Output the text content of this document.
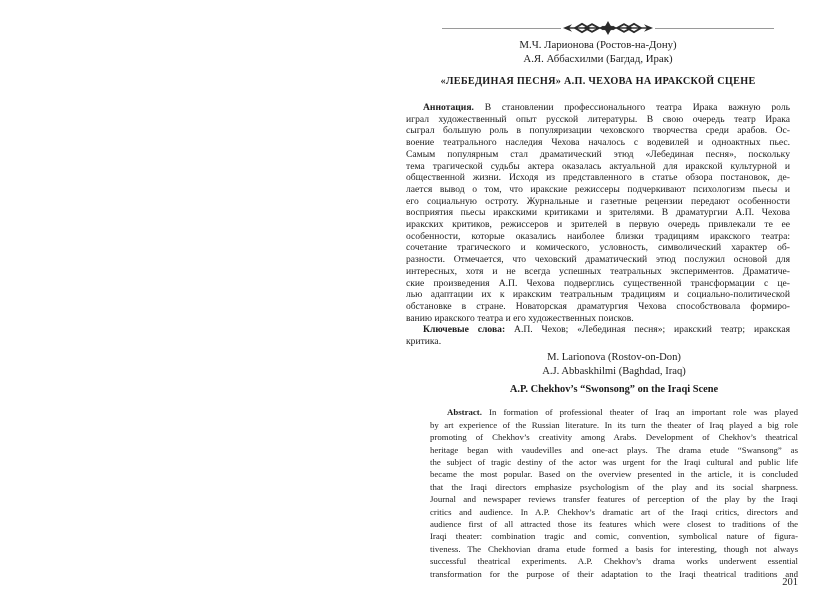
М.Ч. Ларионова (Ростов-на-Дону)
А.Я. Аббасхилми (Багдад, Ирак)
«ЛЕБЕДИНАЯ ПЕСНЯ» А.П. ЧЕХОВА НА ИРАКСКОЙ СЦЕНЕ
Аннотация. В становлении профессионального театра Ирака важную роль
играл художественный опыт русской литературы. В свою очередь театр Ирака
сыграл большую роль в популяризации чеховского творчества среди арабов. Ос-
воение театрального наследия Чехова началось с водевилей и одноактных пьес.
Самым популярным стал драматический этюд «Лебединая песня», поскольку
тема трагической судьбы актера оказалась актуальной для иракской культурной и
общественной жизни. Исходя из представленного в статье обзора постановок, де-
лается вывод о том, что иракские режиссеры подчеркивают психологизм пьесы и
его социальную остроту. Журнальные и газетные рецензии передают особенности
восприятия пьесы иракскими критиками и зрителями. В драматургии А.П. Чехова
иракских критиков, режиссеров и зрителей в первую очередь привлекали те ее
особенности, которые оказались наиболее близки традициям иракского театра:
сочетание трагического и комического, условность, символический характер об-
разности. Отмечается, что чеховский драматический этюд послужил основой для
интересных, хотя и не всегда успешных театральных экспериментов. Драматиче-
ские произведения А.П. Чехова подверглись существенной трансформации с це-
лью адаптации их к иракским театральным традициям и социально-политической
обстановке в стране. Новаторская драматургия Чехова способствовала формиро-
ванию иракского театра и его художественных поисков.
Ключевые слова: А.П. Чехов; «Лебединая песня»; иракский театр; иракская
критика.
M. Larionova (Rostov-on-Don)
A.J. Abbaskhilmi (Baghdad, Iraq)
A.P. Chekhov’s “Swonsong” on the Iraqi Scene
Abstract. In formation of professional theater of Iraq an important role was played
by art experience of the Russian literature. In its turn the theater of Iraq played a big role
promoting of Chekhov’s creativity among Arabs. Development of Chekhov’s theatrical
heritage began with vaudevilles and one-act plays. The drama etude “Swansong” as
the subject of tragic destiny of the actor was urgent for the Iraqi cultural and public life
became the most popular. Based on the overview presented in the article, it is concluded
that the Iraqi directors emphasize psychologism of the play and its social sharpness.
Journal and newspaper reviews transfer features of perception of the play by the Iraqi
critics and audience. In A.P. Chekhov’s dramatic art of the Iraqi critics, directors and
audience first of all attracted those its features which were closest to traditions of the
Iraqi theater: combination tragic and comic, convention, symbolical nature of figura-
tiveness. The Chekhovian drama etude formed a basis for interesting, though not always
successful theatrical experiments. A.P. Chekhov’s drama works underwent essential
transformation for the purpose of their adaptation to the Iraqi theatrical traditions and
201
